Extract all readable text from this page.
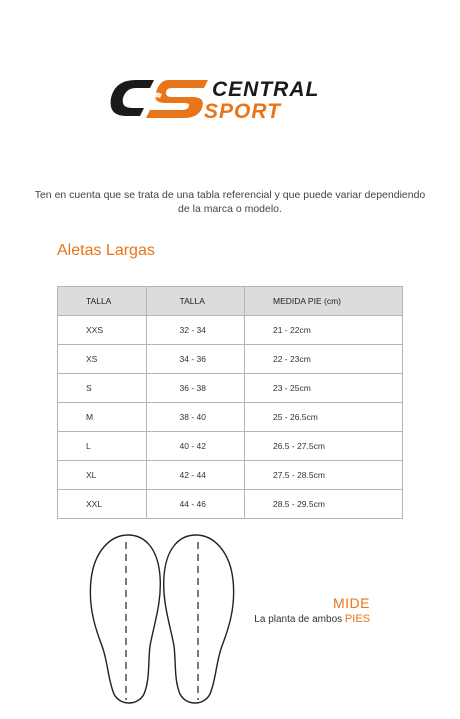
CENTRAL
SPORT
Ten en cuenta que se trata de una tabla referencial y que puede variar dependiendo de la marca o modelo.
Aletas Largas
TALLA	TALLA	MEDIDA PIE (cm)
XXS	32 - 34	21 - 22cm
XS	34 - 36	22 - 23cm
S	36 - 38	23 - 25cm
M	38 - 40	25 - 26.5cm
L	40 - 42	26.5 - 27.5cm
XL	42 - 44	27.5 - 28.5cm
XXL	44 - 46	28.5 - 29.5cm
MIDE
La planta de ambos PIES
